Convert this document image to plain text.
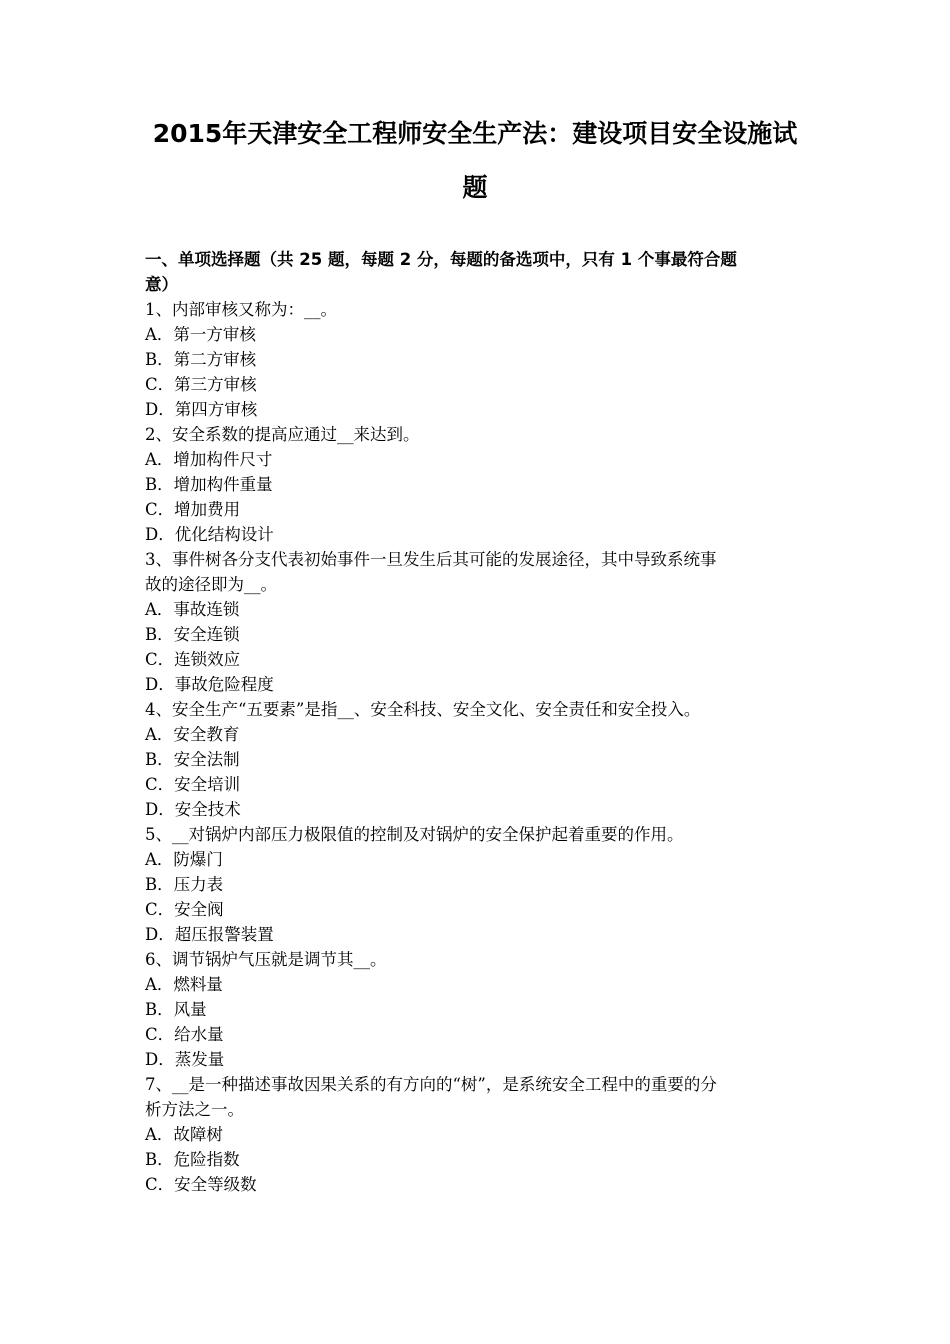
2015年天津安全工程师安全生产法：建设项目安全设施试
题
一、单项选择题（共 25 题，每题 2 分，每题的备选项中，只有 1 个事最符合题
意）
1、内部审核又称为：__。
A．第一方审核
B．第二方审核
C．第三方审核
D．第四方审核
2、安全系数的提高应通过__来达到。
A．增加构件尺寸
B．增加构件重量
C．增加费用
D．优化结构设计
3、事件树各分支代表初始事件一旦发生后其可能的发展途径，其中导致系统事
故的途径即为__。
A．事故连锁
B．安全连锁
C．连锁效应
D．事故危险程度
4、安全生产“五要素”是指__、安全科技、安全文化、安全责任和安全投入。
A．安全教育
B．安全法制
C．安全培训
D．安全技术
5、__对锅炉内部压力极限值的控制及对锅炉的安全保护起着重要的作用。
A．防爆门
B．压力表
C．安全阀
D．超压报警装置
6、调节锅炉气压就是调节其__。
A．燃料量
B．风量
C．给水量
D．蒸发量
7、__是一种描述事故因果关系的有方向的“树”，是系统安全工程中的重要的分
析方法之一。
A．故障树
B．危险指数
C．安全等级数
